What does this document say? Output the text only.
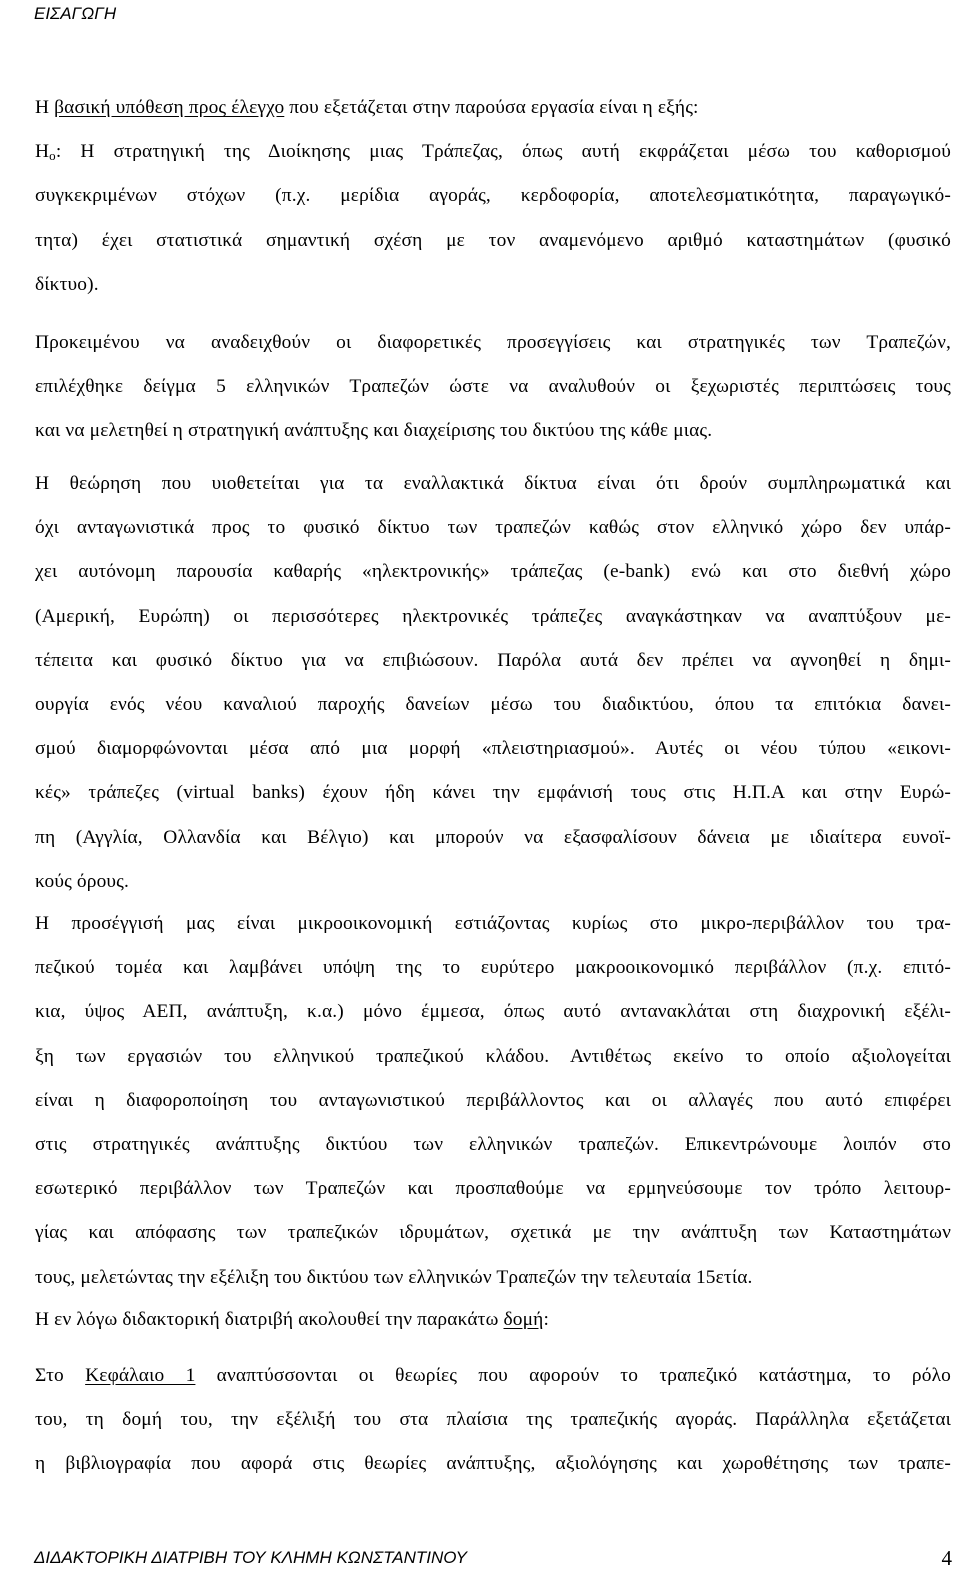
ΕΙΣΑΓΩΓΗ
Η βασική υπόθεση προς έλεγχο που εξετάζεται στην παρούσα εργασία είναι η εξής:
$H_o$: Η στρατηγική της Διοίκησης μιας Τράπεζας, όπως αυτή εκφράζεται μέσω του καθορισμού
συγκεκριμένων στόχων (π.χ. μερίδια αγοράς, κερδοφορία, αποτελεσματικότητα, παραγωγικό-
τητα) έχει στατιστικά σημαντική σχέση με τον αναμενόμενο αριθμό καταστημάτων (φυσικό
δίκτυο).
Προκειμένου να αναδειχθούν οι διαφορετικές προσεγγίσεις και στρατηγικές των Τραπεζών,
επιλέχθηκε δείγμα 5 ελληνικών Τραπεζών ώστε να αναλυθούν οι ξεχωριστές περιπτώσεις τους
και να μελετηθεί η στρατηγική ανάπτυξης και διαχείρισης του δικτύου της κάθε μιας.
Η θεώρηση που υιοθετείται για τα εναλλακτικά δίκτυα είναι ότι δρούν συμπληρωματικά και
όχι ανταγωνιστικά προς το φυσικό δίκτυο των τραπεζών καθώς στον ελληνικό χώρο δεν υπάρ-
χει αυτόνομη παρουσία καθαρής «ηλεκτρονικής» τράπεζας (e-bank) ενώ και στο διεθνή χώρο
(Αμερική, Ευρώπη) οι περισσότερες ηλεκτρονικές τράπεζες αναγκάστηκαν να αναπτύξουν με-
τέπειτα και φυσικό δίκτυο για να επιβιώσουν. Παρόλα αυτά δεν πρέπει να αγνοηθεί η δημι-
ουργία ενός νέου καναλιού παροχής δανείων μέσω του διαδικτύου, όπου τα επιτόκια δανει-
σμού διαμορφώνονται μέσα από μια μορφή «πλειστηριασμού». Αυτές οι νέου τύπου «εικονι-
κές» τράπεζες (virtual banks) έχουν ήδη κάνει την εμφάνισή τους στις Η.Π.Α και στην Ευρώ-
πη (Αγγλία, Ολλανδία και Βέλγιο) και μπορούν να εξασφαλίσουν δάνεια με ιδιαίτερα ευνοϊ-
κούς όρους.
Η προσέγγισή μας είναι μικροοικονομική εστιάζοντας κυρίως στο μικρο-περιβάλλον του τρα-
πεζικού τομέα και λαμβάνει υπόψη της το ευρύτερο μακροοικονομικό περιβάλλον (π.χ. επιτό-
κια, ύψος ΑΕΠ, ανάπτυξη, κ.α.) μόνο έμμεσα, όπως αυτό αντανακλάται στη διαχρονική εξέλι-
ξη των εργασιών του ελληνικού τραπεζικού κλάδου. Αντιθέτως εκείνο το οποίο αξιολογείται
είναι η διαφοροποίηση του ανταγωνιστικού περιβάλλοντος και οι αλλαγές που αυτό επιφέρει
στις στρατηγικές ανάπτυξης δικτύου των ελληνικών τραπεζών. Επικεντρώνουμε λοιπόν στο
εσωτερικό περιβάλλον των Τραπεζών και προσπαθούμε να ερμηνεύσουμε τον τρόπο λειτουρ-
γίας και απόφασης των τραπεζικών ιδρυμάτων, σχετικά με την ανάπτυξη των Καταστημάτων
τους, μελετώντας την εξέλιξη του δικτύου των ελληνικών Τραπεζών την τελευταία 15ετία.
Η εν λόγω διδακτορική διατριβή ακολουθεί την παρακάτω δομή:
Στο Κεφάλαιο 1 αναπτύσσονται οι θεωρίες που αφορούν το τραπεζικό κατάστημα, το ρόλο
του, τη δομή του, την εξέλιξή του στα πλαίσια της τραπεζικής αγοράς. Παράλληλα εξετάζεται
η βιβλιογραφία που αφορά στις θεωρίες ανάπτυξης, αξιολόγησης και χωροθέτησης των τραπε-
ΔΙΔΑΚΤΟΡΙΚΗ ΔΙΑΤΡΙΒΗ ΤΟΥ ΚΛΗΜΗ ΚΩΝΣΤΑΝΤΙΝΟΥ	4
